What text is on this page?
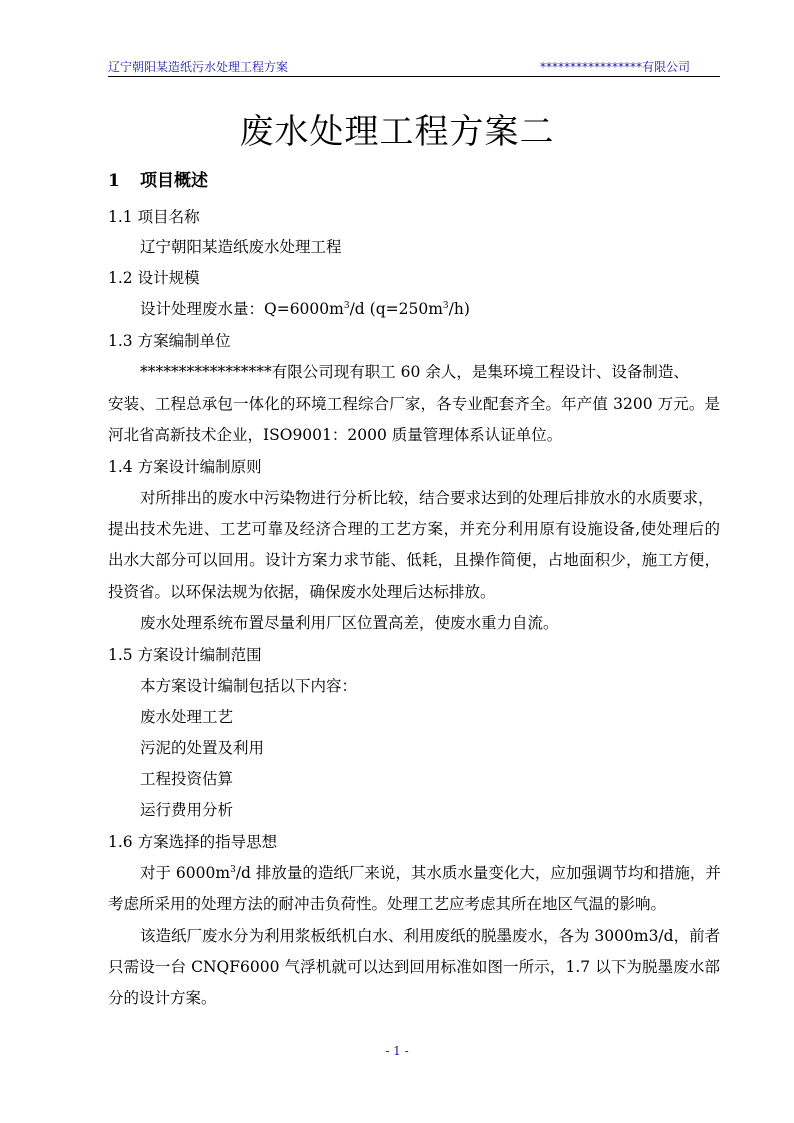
辽宁朝阳某造纸污水处理工程方案	*****************有限公司
废水处理工程方案二
1 项目概述
1.1 项目名称
辽宁朝阳某造纸废水处理工程
1.2 设计规模
设计处理废水量：$Q=6000m^3/d$ $(q=250m^3/h)$
1.3 方案编制单位
*****************有限公司现有职工 60 余人，是集环境工程设计、设备制造、
安装、工程总承包一体化的环境工程综合厂家，各专业配套齐全。年产值 3200 万元。是
河北省高新技术企业，ISO9001：2000 质量管理体系认证单位。
1.4 方案设计编制原则
对所排出的废水中污染物进行分析比较，结合要求达到的处理后排放水的水质要求，
提出技术先进、工艺可靠及经济合理的工艺方案，并充分利用原有设施设备,使处理后的
出水大部分可以回用。设计方案力求节能、低耗，且操作简便，占地面积少，施工方便，
投资省。以环保法规为依据，确保废水处理后达标排放。
废水处理系统布置尽量利用厂区位置高差，使废水重力自流。
1.5 方案设计编制范围
本方案设计编制包括以下内容：
废水处理工艺
污泥的处置及利用
工程投资估算
运行费用分析
1.6 方案选择的指导思想
对于 $6000m^3/d$ 排放量的造纸厂来说，其水质水量变化大，应加强调节均和措施，并
考虑所采用的处理方法的耐冲击负荷性。处理工艺应考虑其所在地区气温的影响。
该造纸厂废水分为利用浆板纸机白水、利用废纸的脱墨废水，各为 3000m3/d，前者
只需设一台 CNQF6000 气浮机就可以达到回用标准如图一所示，1.7 以下为脱墨废水部
分的设计方案。
- 1 -
